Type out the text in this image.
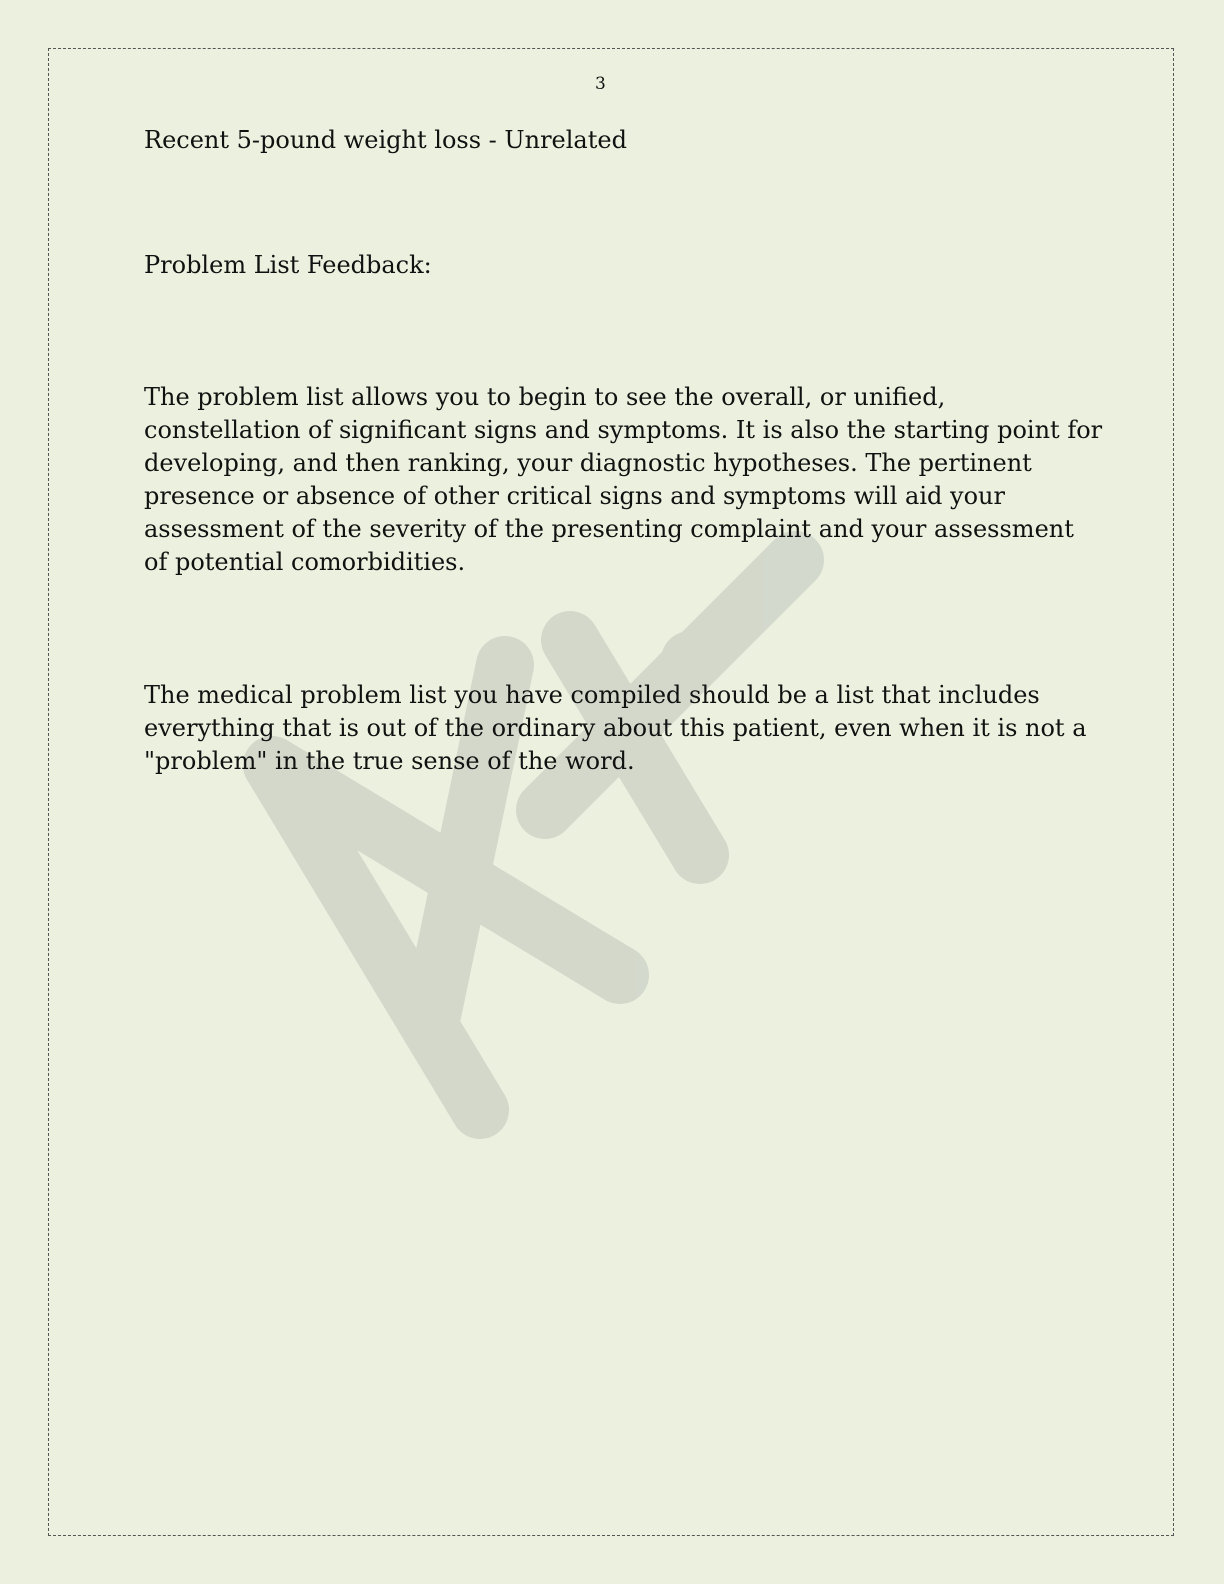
3

Recent 5-pound weight loss - Unrelated

Problem List Feedback:

The problem list allows you to begin to see the overall, or unified,
constellation of significant signs and symptoms. It is also the starting point for
developing, and then ranking, your diagnostic hypotheses. The pertinent
presence or absence of other critical signs and symptoms will aid your
assessment of the severity of the presenting complaint and your assessment
of potential comorbidities.

The medical problem list you have compiled should be a list that includes
everything that is out of the ordinary about this patient, even when it is not a
"problem" in the true sense of the word.
